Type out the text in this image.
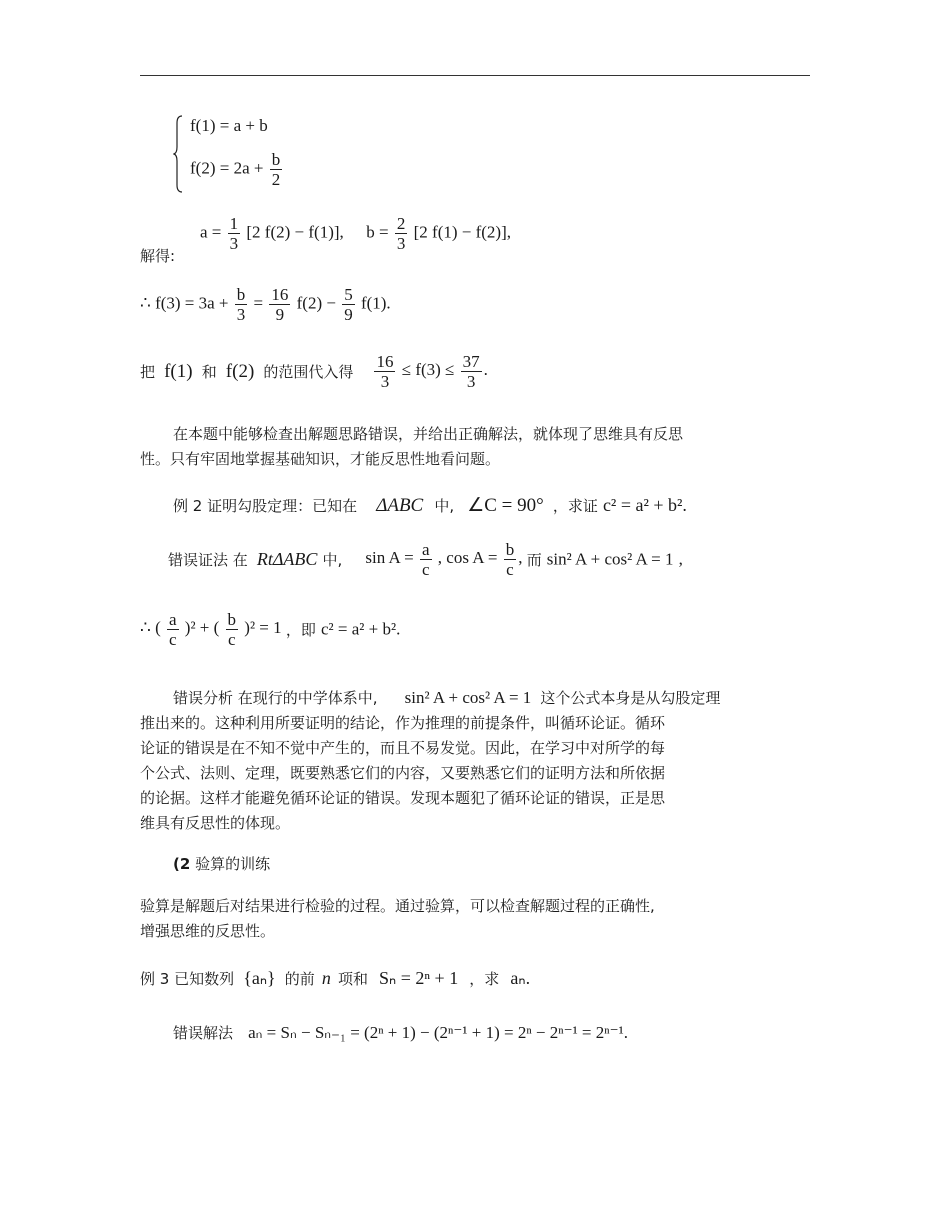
f(1) = a + b
$f(2) = 2a + \frac{b}{2}$
解得:
$a = \frac{1}{3} [2$ f(2) − f(1)], $b = \frac{2}{3} [2$ f(1) − f(2)],
∴ $f(3) = 3a + \frac{b}{3} = \frac{16}{9} f(2) - \frac{5}{9} f(1)$.
把 f(1) 和 f(2) 的范围代入得 $\frac{16}{3} \le f(3) \le \frac{37}{3}$ .
在本题中能够检查出解题思路错误，并给出正确解法，就体现了思维具有反思
性。只有牢固地掌握基础知识，才能反思性地看问题。
例 2 证明勾股定理：已知在 ΔABC 中, ∠C = 90° ，求证 c² = a² + b².
错误证法 在 RtΔABC 中, $\sin A = \frac{a}{c}$ , $\cos A = \frac{b}{c}$ , 而 sin² A + cos² A = 1 ,
∴ ( $\frac{a}{c} )^2$ + ( $\frac{b}{c} )^2 = 1$ ，即 c² = a² + b².
错误分析 在现行的中学体系中, sin² A + cos² A = 1 这个公式本身是从勾股定理
推出来的。这种利用所要证明的结论，作为推理的前提条件，叫循环论证。循环
论证的错误是在不知不觉中产生的，而且不易发觉。因此，在学习中对所学的每
个公式、法则、定理，既要熟悉它们的内容，又要熟悉它们的证明方法和所依据
的论据。这样才能避免循环论证的错误。发现本题犯了循环论证的错误，正是思
维具有反思性的体现。
(2 验算的训练
验算是解题后对结果进行检验的过程。通过验算，可以检查解题过程的正确性,
增强思维的反思性。
例 3 已知数列 {aₙ} 的前 n 项和 Sₙ = 2ⁿ + 1 ，求 aₙ.
错误解法 aₙ = Sₙ − Sₙ₋₁ = (2ⁿ + 1) − (2ⁿ⁻¹ + 1) = 2ⁿ − 2ⁿ⁻¹ = 2ⁿ⁻¹.
